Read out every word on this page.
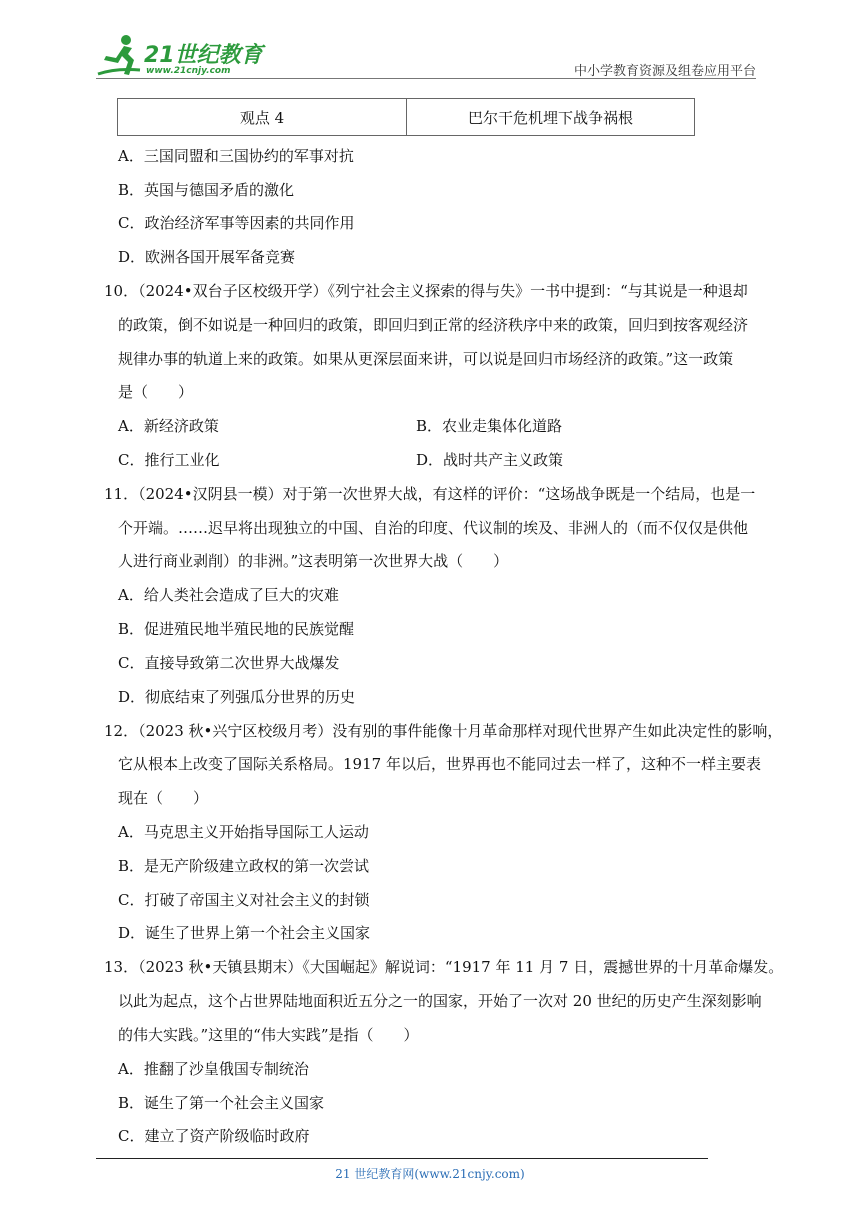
21世纪教育
www.21cnjy.com	中小学教育资源及组卷应用平台
观点 4	巴尔干危机埋下战争祸根
A．三国同盟和三国协约的军事对抗
B．英国与德国矛盾的激化
C．政治经济军事等因素的共同作用
D．欧洲各国开展军备竞赛
10．（2024•双台子区校级开学）《列宁社会主义探索的得与失》一书中提到：“与其说是一种退却
的政策，倒不如说是一种回归的政策，即回归到正常的经济秩序中来的政策，回归到按客观经济
规律办事的轨道上来的政策。如果从更深层面来讲，可以说是回归市场经济的政策。”这一政策
是（　　）
A．新经济政策	B．农业走集体化道路
C．推行工业化	D．战时共产主义政策
11．（2024•汉阴县一模）对于第一次世界大战，有这样的评价：“这场战争既是一个结局，也是一
个开端。……迟早将出现独立的中国、自治的印度、代议制的埃及、非洲人的（而不仅仅是供他
人进行商业剥削）的非洲。”这表明第一次世界大战（　　）
A．给人类社会造成了巨大的灾难
B．促进殖民地半殖民地的民族觉醒
C．直接导致第二次世界大战爆发
D．彻底结束了列强瓜分世界的历史
12．（2023 秋•兴宁区校级月考）没有别的事件能像十月革命那样对现代世界产生如此决定性的影响，
它从根本上改变了国际关系格局。1917 年以后，世界再也不能同过去一样了，这种不一样主要表
现在（　　）
A．马克思主义开始指导国际工人运动
B．是无产阶级建立政权的第一次尝试
C．打破了帝国主义对社会主义的封锁
D．诞生了世界上第一个社会主义国家
13．（2023 秋•天镇县期末）《大国崛起》解说词：“1917 年 11 月 7 日，震撼世界的十月革命爆发。
以此为起点，这个占世界陆地面积近五分之一的国家，开始了一次对 20 世纪的历史产生深刻影响
的伟大实践。”这里的“伟大实践”是指（　　）
A．推翻了沙皇俄国专制统治
B．诞生了第一个社会主义国家
C．建立了资产阶级临时政府
21 世纪教育网(www.21cnjy.com)
